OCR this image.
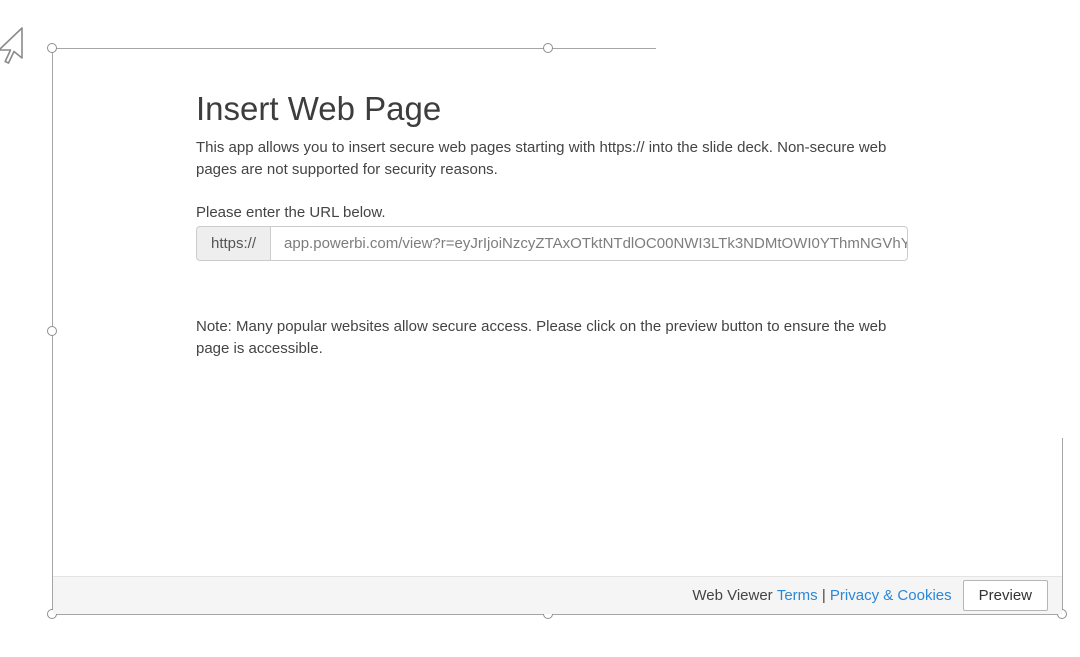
Insert Web Page

This app allows you to insert secure web pages starting with https:// into the slide deck. Non-secure web pages are not supported for security reasons.

Please enter the URL below.

https://
app.powerbi.com/view?r=eyJrIjoiNzcyZTAxOTktNTdlOC00NWI3LTk3NDMtOWI0YThmNGVhYTI

Note: Many popular websites allow secure access. Please click on the preview button to ensure the web page is accessible.

Web Viewer Terms | Privacy & Cookies	Preview
